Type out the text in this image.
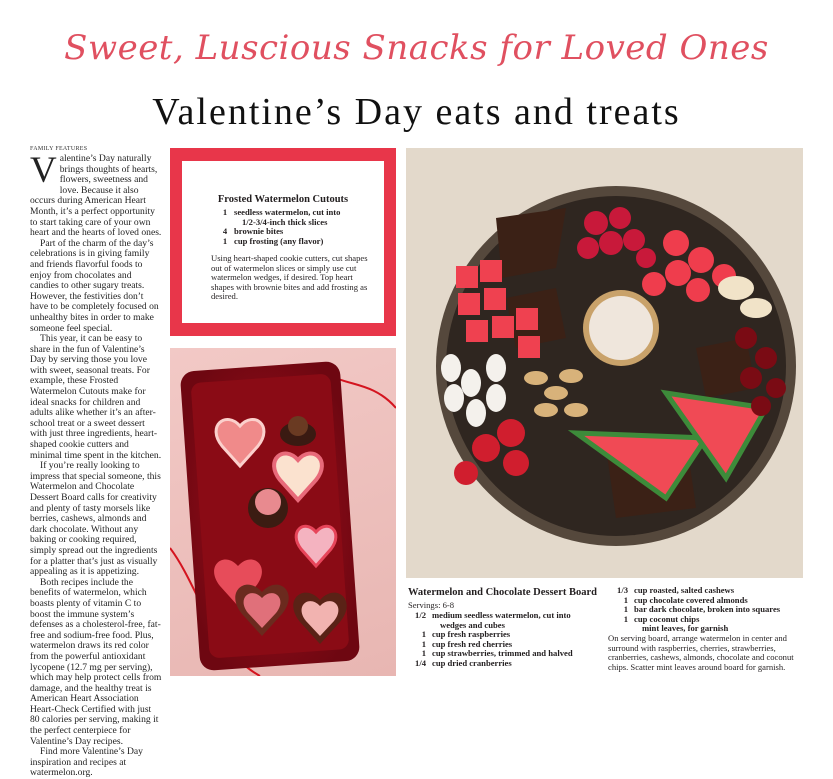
Sweet, Luscious Snacks for Loved Ones
Valentine’s Day eats and treats
FAMILY FEATURES

Valentine’s Day naturally brings thoughts of hearts, flowers, sweetness and love. Because it also occurs during American Heart Month, it’s a perfect opportunity to start taking care of your own heart and the hearts of loved ones.

Part of the charm of the day’s celebrations is in giving family and friends flavorful foods to enjoy from chocolates and candies to other sugary treats. However, the festivities don’t have to be completely focused on unhealthy bites in order to make someone feel special.

This year, it can be easy to share in the fun of Valentine’s Day by serving those you love with sweet, seasonal treats. For example, these Frosted Watermelon Cutouts make for ideal snacks for children and adults alike whether it’s an after-school treat or a sweet dessert with just three ingredients, heart-shaped cookie cutters and minimal time spent in the kitchen.

If you’re really looking to impress that special someone, this Watermelon and Chocolate Dessert Board calls for creativity and plenty of tasty morsels like berries, cashews, almonds and dark chocolate. Without any baking or cooking required, simply spread out the ingredients for a platter that’s just as visually appealing as it is appetizing.

Both recipes include the benefits of watermelon, which boasts plenty of vitamin C to boost the immune system’s defenses as a cholesterol-free, fat-free and sodium-free food. Plus, watermelon draws its red color from the powerful antioxidant lycopene (12.7 mg per serving), which may help protect cells from damage, and the healthy treat is American Heart Association Heart-Check Certified with just 80 calories per serving, making it the perfect centerpiece for Valentine’s Day recipes.

Find more Valentine’s Day inspiration and recipes at watermelon.org.

Frosted Watermelon Cutouts
1 seedless watermelon, cut into
1/2-3/4-inch thick slices
4 brownie bites
1 cup frosting (any flavor)
Using heart-shaped cookie cutters, cut shapes out of watermelon slices or simply use cut watermelon wedges, if desired. Top heart shapes with brownie bites and add frosting as desired.
Watermelon and Chocolate Dessert Board
Servings: 6-8
1/2 medium seedless watermelon, cut into
wedges and cubes
1 cup fresh raspberries
1 cup fresh red cherries
1 cup strawberries, trimmed and halved
1/4 cup dried cranberries
1/3 cup roasted, salted cashews
1 cup chocolate covered almonds
1 bar dark chocolate, broken into squares
1 cup coconut chips
mint leaves, for garnish
On serving board, arrange watermelon in center and surround with raspberries, cherries, strawberries, cranberries, cashews, almonds, chocolate and coconut chips. Scatter mint leaves around board for garnish.
